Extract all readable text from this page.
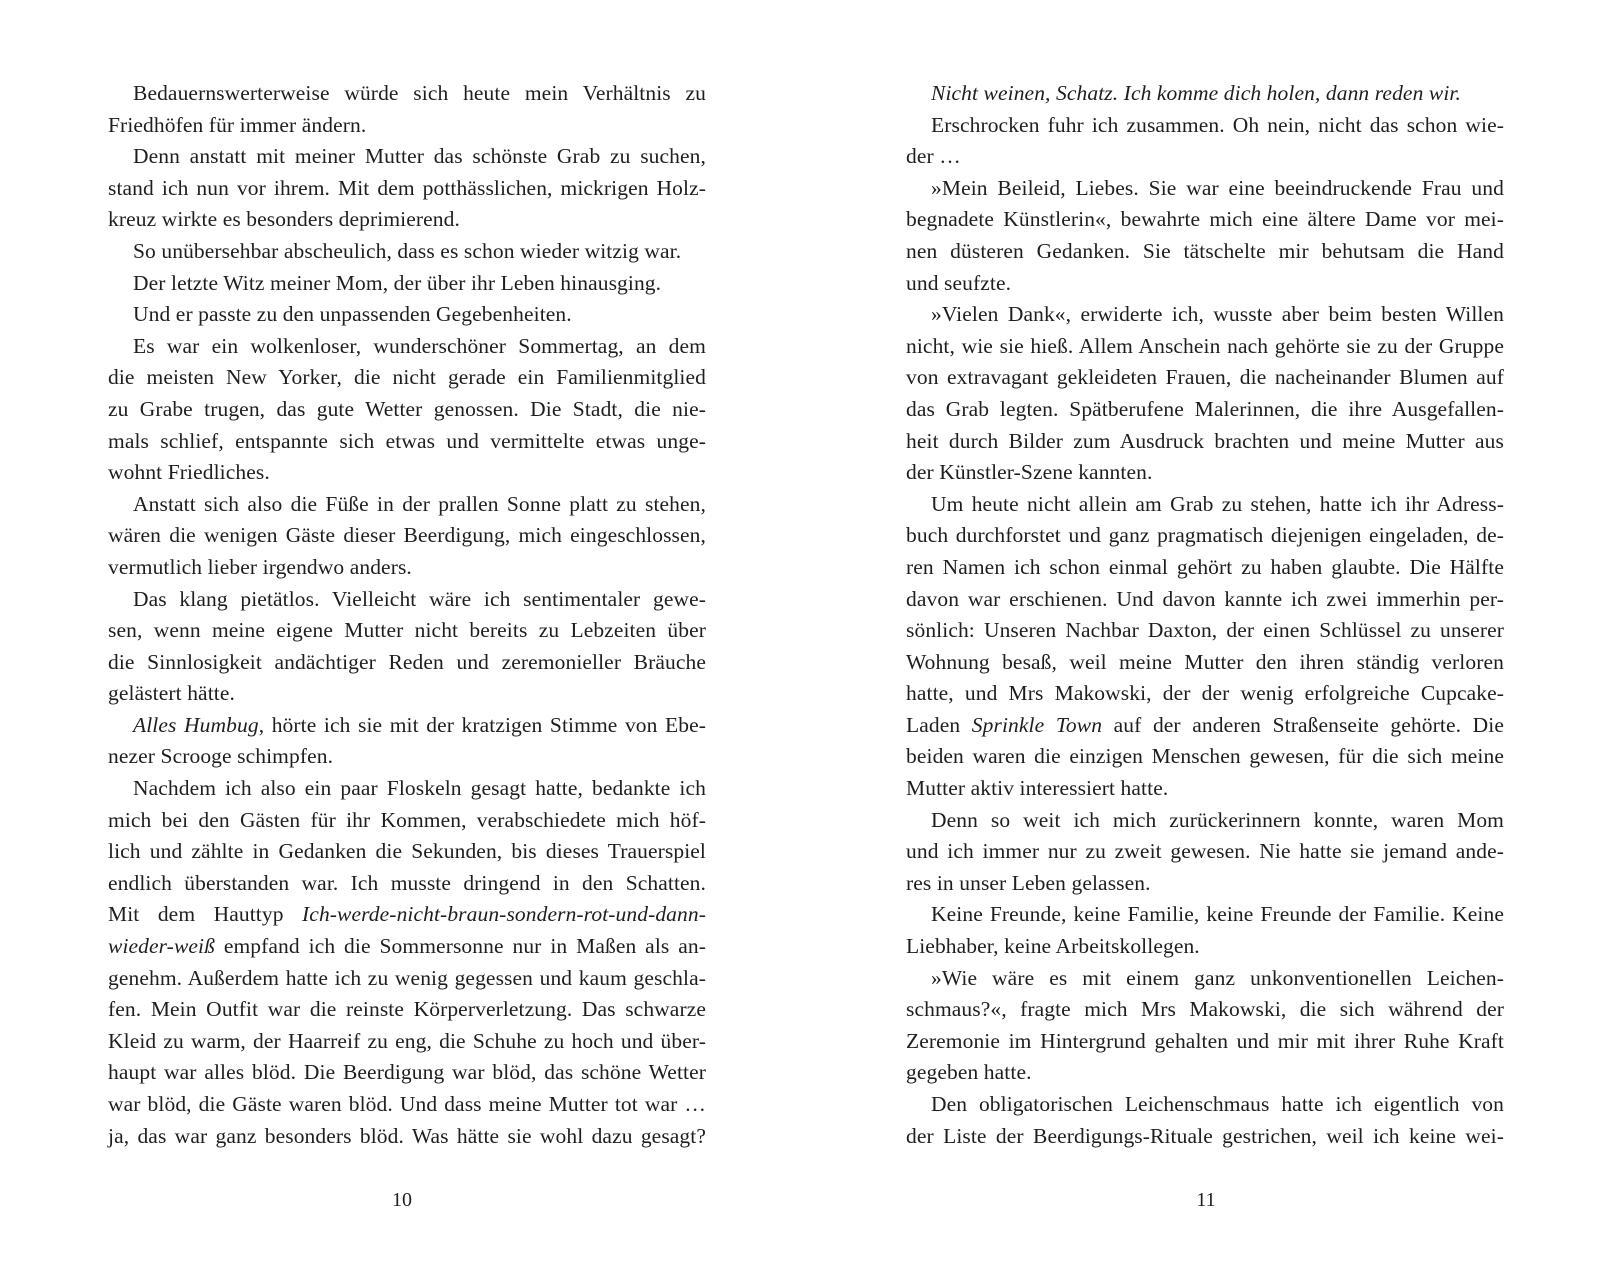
Bedauernswerterweise würde sich heute mein Verhältnis zu
Friedhöfen für immer ändern.
Denn anstatt mit meiner Mutter das schönste Grab zu suchen,
stand ich nun vor ihrem. Mit dem potthässlichen, mickrigen Holz-
kreuz wirkte es besonders deprimierend.
So unübersehbar abscheulich, dass es schon wieder witzig war.
Der letzte Witz meiner Mom, der über ihr Leben hinausging.
Und er passte zu den unpassenden Gegebenheiten.
Es war ein wolkenloser, wunderschöner Sommertag, an dem
die meisten New Yorker, die nicht gerade ein Familienmitglied
zu Grabe trugen, das gute Wetter genossen. Die Stadt, die nie-
mals schlief, entspannte sich etwas und vermittelte etwas unge-
wohnt Friedliches.
Anstatt sich also die Füße in der prallen Sonne platt zu stehen,
wären die wenigen Gäste dieser Beerdigung, mich eingeschlossen,
vermutlich lieber irgendwo anders.
Das klang pietätlos. Vielleicht wäre ich sentimentaler gewe-
sen, wenn meine eigene Mutter nicht bereits zu Lebzeiten über
die Sinnlosigkeit andächtiger Reden und zeremonieller Bräuche
gelästert hätte.
Alles Humbug, hörte ich sie mit der kratzigen Stimme von Ebe-
nezer Scrooge schimpfen.
Nachdem ich also ein paar Floskeln gesagt hatte, bedankte ich
mich bei den Gästen für ihr Kommen, verabschiedete mich höf-
lich und zählte in Gedanken die Sekunden, bis dieses Trauerspiel
endlich überstanden war. Ich musste dringend in den Schatten.
Mit dem Hauttyp Ich-werde-nicht-braun-sondern-rot-und-dann-
wieder-weiß empfand ich die Sommersonne nur in Maßen als an-
genehm. Außerdem hatte ich zu wenig gegessen und kaum geschla-
fen. Mein Outfit war die reinste Körperverletzung. Das schwarze
Kleid zu warm, der Haarreif zu eng, die Schuhe zu hoch und über-
haupt war alles blöd. Die Beerdigung war blöd, das schöne Wetter
war blöd, die Gäste waren blöd. Und dass meine Mutter tot war …
ja, das war ganz besonders blöd. Was hätte sie wohl dazu gesagt?
Nicht weinen, Schatz. Ich komme dich holen, dann reden wir.
Erschrocken fuhr ich zusammen. Oh nein, nicht das schon wie-
der …
»Mein Beileid, Liebes. Sie war eine beeindruckende Frau und
begnadete Künstlerin«, bewahrte mich eine ältere Dame vor mei-
nen düsteren Gedanken. Sie tätschelte mir behutsam die Hand
und seufzte.
»Vielen Dank«, erwiderte ich, wusste aber beim besten Willen
nicht, wie sie hieß. Allem Anschein nach gehörte sie zu der Gruppe
von extravagant gekleideten Frauen, die nacheinander Blumen auf
das Grab legten. Spätberufene Malerinnen, die ihre Ausgefallen-
heit durch Bilder zum Ausdruck brachten und meine Mutter aus
der Künstler-Szene kannten.
Um heute nicht allein am Grab zu stehen, hatte ich ihr Adress-
buch durchforstet und ganz pragmatisch diejenigen eingeladen, de-
ren Namen ich schon einmal gehört zu haben glaubte. Die Hälfte
davon war erschienen. Und davon kannte ich zwei immerhin per-
sönlich: Unseren Nachbar Daxton, der einen Schlüssel zu unserer
Wohnung besaß, weil meine Mutter den ihren ständig verloren
hatte, und Mrs Makowski, der der wenig erfolgreiche Cupcake-
Laden Sprinkle Town auf der anderen Straßenseite gehörte. Die
beiden waren die einzigen Menschen gewesen, für die sich meine
Mutter aktiv interessiert hatte.
Denn so weit ich mich zurückerinnern konnte, waren Mom
und ich immer nur zu zweit gewesen. Nie hatte sie jemand ande-
res in unser Leben gelassen.
Keine Freunde, keine Familie, keine Freunde der Familie. Keine
Liebhaber, keine Arbeitskollegen.
»Wie wäre es mit einem ganz unkonventionellen Leichen-
schmaus?«, fragte mich Mrs Makowski, die sich während der
Zeremonie im Hintergrund gehalten und mir mit ihrer Ruhe Kraft
gegeben hatte.
Den obligatorischen Leichenschmaus hatte ich eigentlich von
der Liste der Beerdigungs-Rituale gestrichen, weil ich keine wei-
10	11
